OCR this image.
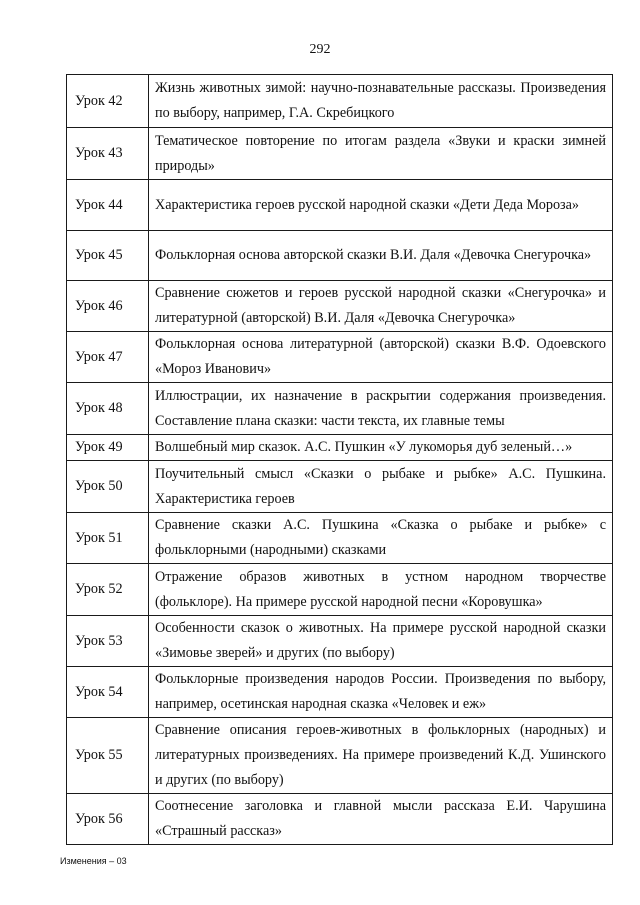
292
Урок 42	Жизнь животных зимой: научно-познавательные рассказы. Произведения по выбору, например, Г.А. Скребицкого
Урок 43	Тематическое повторение по итогам раздела «Звуки и краски зимней природы»
Урок 44	Характеристика героев русской народной сказки «Дети Деда Мороза»
Урок 45	Фольклорная основа авторской сказки В.И. Даля «Девочка Снегурочка»
Урок 46	Сравнение сюжетов и героев русской народной сказки «Снегурочка» и литературной (авторской) В.И. Даля «Девочка Снегурочка»
Урок 47	Фольклорная основа литературной (авторской) сказки В.Ф. Одоевского «Мороз Иванович»
Урок 48	Иллюстрации, их назначение в раскрытии содержания произведения. Составление плана сказки: части текста, их главные темы
Урок 49	Волшебный мир сказок. А.С. Пушкин «У лукоморья дуб зеленый…»
Урок 50	Поучительный смысл «Сказки о рыбаке и рыбке» А.С. Пушкина. Характеристика героев
Урок 51	Сравнение сказки А.С. Пушкина «Сказка о рыбаке и рыбке» с фольклорными (народными) сказками
Урок 52	Отражение образов животных в устном народном творчестве (фольклоре). На примере русской народной песни «Коровушка»
Урок 53	Особенности сказок о животных. На примере русской народной сказки «Зимовье зверей» и других (по выбору)
Урок 54	Фольклорные произведения народов России. Произведения по выбору, например, осетинская народная сказка «Человек и еж»
Урок 55	Сравнение описания героев-животных в фольклорных (народных) и литературных произведениях. На примере произведений К.Д. Ушинского и других (по выбору)
Урок 56	Соотнесение заголовка и главной мысли рассказа Е.И. Чарушина «Страшный рассказ»
Изменения – 03
